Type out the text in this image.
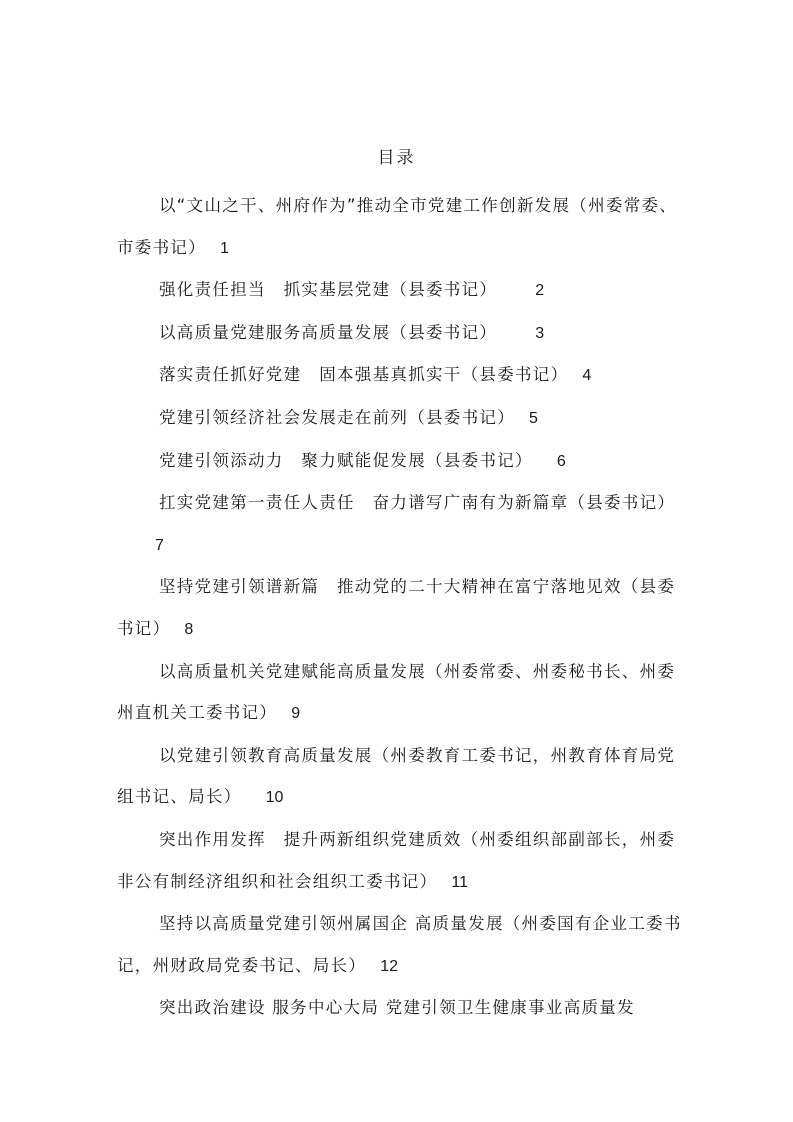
目录
以“文山之干、州府作为”推动全市党建工作创新发展（州委常委、市委书记） 1
强化责任担当　抓实基层党建（县委书记） 2
以高质量党建服务高质量发展（县委书记） 3
落实责任抓好党建　固本强基真抓实干（县委书记） 4
党建引领经济社会发展走在前列（县委书记） 5
党建引领添动力　聚力赋能促发展（县委书记） 6
扛实党建第一责任人责任　奋力谱写广南有为新篇章（县委书记）7
坚持党建引领谱新篇　推动党的二十大精神在富宁落地见效（县委书记） 8
以高质量机关党建赋能高质量发展（州委常委、州委秘书长、州委州直机关工委书记） 9
以党建引领教育高质量发展（州委教育工委书记，州教育体育局党组书记、局长） 10
突出作用发挥　提升两新组织党建质效（州委组织部副部长，州委非公有制经济组织和社会组织工委书记） 11
坚持以高质量党建引领州属国企 高质量发展（州委国有企业工委书记，州财政局党委书记、局长） 12
突出政治建设 服务中心大局 党建引领卫生健康事业高质量发
